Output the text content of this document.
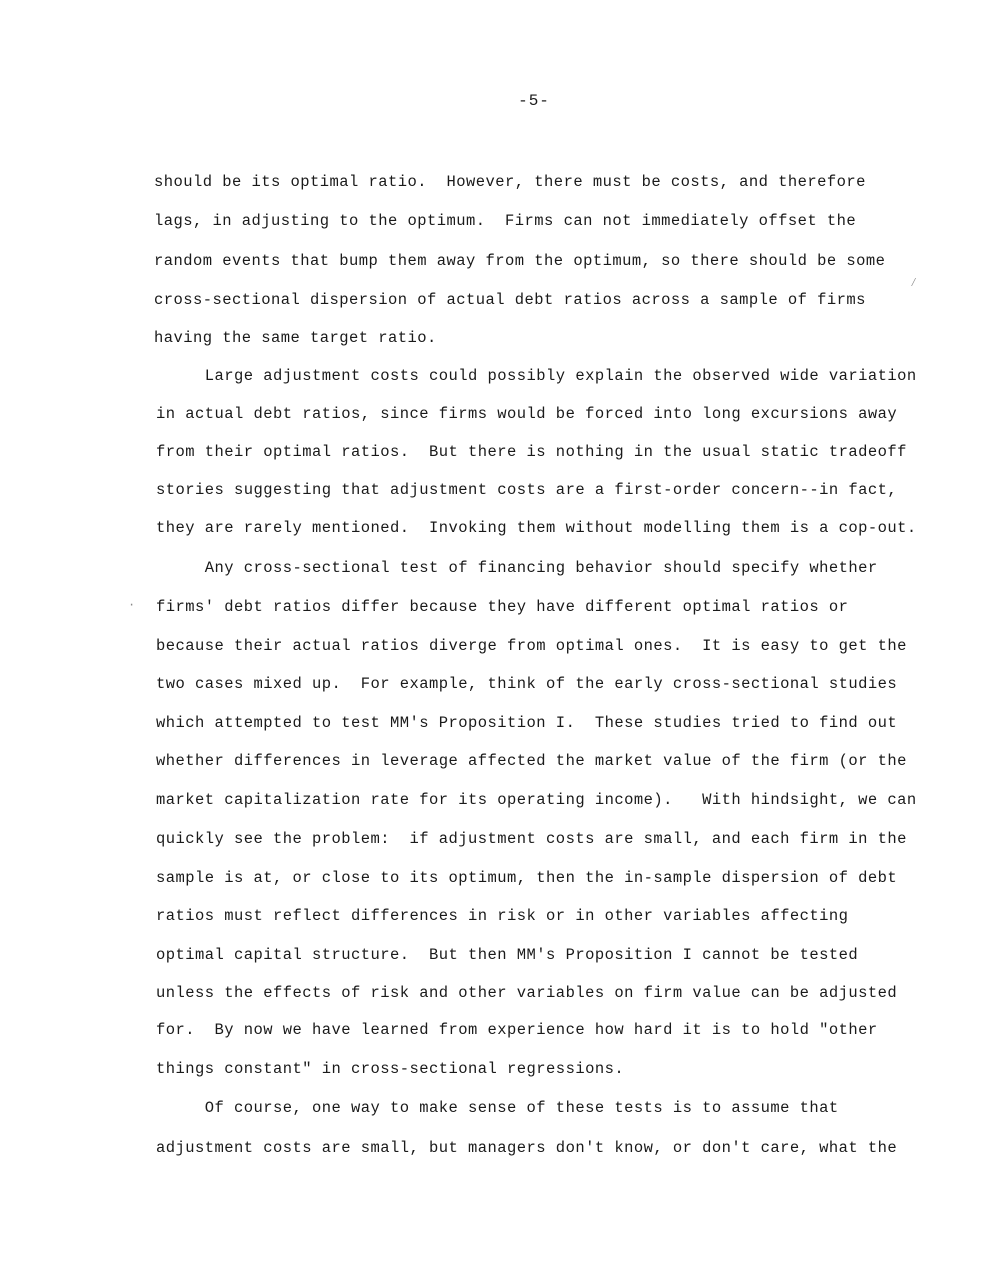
-5-
should be its optimal ratio.  However, there must be costs, and therefore
lags, in adjusting to the optimum.  Firms can not immediately offset the
random events that bump them away from the optimum, so there should be some
cross-sectional dispersion of actual debt ratios across a sample of firms
having the same target ratio.
Large adjustment costs could possibly explain the observed wide variation
in actual debt ratios, since firms would be forced into long excursions away
from their optimal ratios.  But there is nothing in the usual static tradeoff
stories suggesting that adjustment costs are a first-order concern--in fact,
they are rarely mentioned.  Invoking them without modelling them is a cop-out.
Any cross-sectional test of financing behavior should specify whether
firms' debt ratios differ because they have different optimal ratios or
because their actual ratios diverge from optimal ones.  It is easy to get the
two cases mixed up.  For example, think of the early cross-sectional studies
which attempted to test MM's Proposition I.  These studies tried to find out
whether differences in leverage affected the market value of the firm (or the
market capitalization rate for its operating income).   With hindsight, we can
quickly see the problem:  if adjustment costs are small, and each firm in the
sample is at, or close to its optimum, then the in-sample dispersion of debt
ratios must reflect differences in risk or in other variables affecting
optimal capital structure.  But then MM's Proposition I cannot be tested
unless the effects of risk and other variables on firm value can be adjusted
for.  By now we have learned from experience how hard it is to hold "other
things constant" in cross-sectional regressions.
Of course, one way to make sense of these tests is to assume that
adjustment costs are small, but managers don't know, or don't care, what the
⁄
·
